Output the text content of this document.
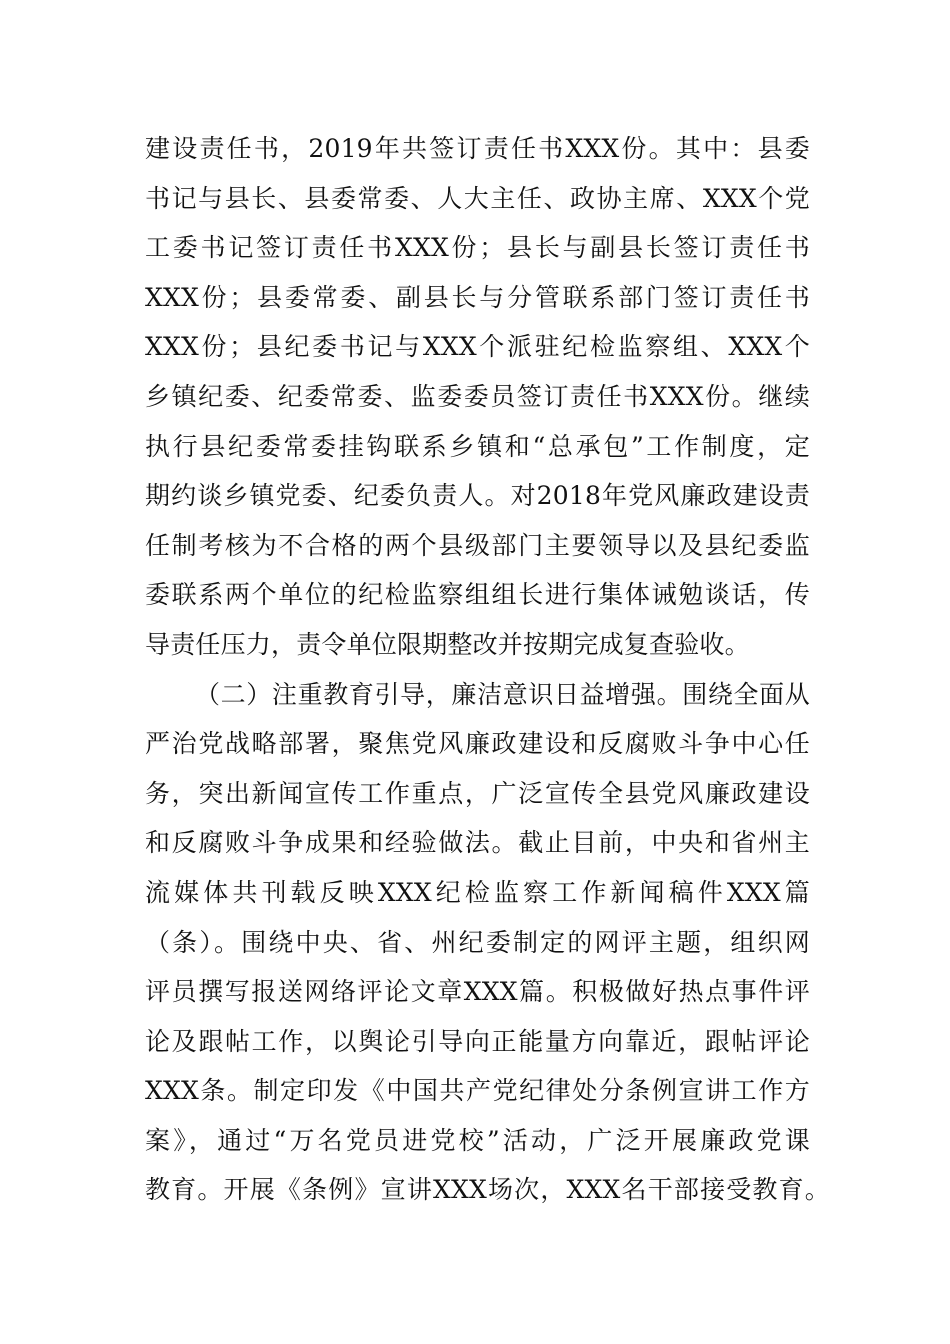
建设责任书，2019年共签订责任书XXX份。其中：县委
书记与县长、县委常委、人大主任、政协主席、XXX个党
工委书记签订责任书XXX份；县长与副县长签订责任书
XXX份；县委常委、副县长与分管联系部门签订责任书
XXX份；县纪委书记与XXX个派驻纪检监察组、XXX个
乡镇纪委、纪委常委、监委委员签订责任书XXX份。继续
执行县纪委常委挂钩联系乡镇和“总承包”工作制度，定
期约谈乡镇党委、纪委负责人。对2018年党风廉政建设责
任制考核为不合格的两个县级部门主要领导以及县纪委监
委联系两个单位的纪检监察组组长进行集体诫勉谈话，传
导责任压力，责令单位限期整改并按期完成复查验收。
（二）注重教育引导，廉洁意识日益增强。围绕全面从
严治党战略部署，聚焦党风廉政建设和反腐败斗争中心任
务，突出新闻宣传工作重点，广泛宣传全县党风廉政建设
和反腐败斗争成果和经验做法。截止目前，中央和省州主
流媒体共刊载反映XXX纪检监察工作新闻稿件XXX篇
（条）。围绕中央、省、州纪委制定的网评主题，组织网
评员撰写报送网络评论文章XXX篇。积极做好热点事件评
论及跟帖工作，以舆论引导向正能量方向靠近，跟帖评论
XXX条。制定印发《中国共产党纪律处分条例宣讲工作方
案》，通过“万名党员进党校”活动，广泛开展廉政党课
教育。开展《条例》宣讲XXX场次，XXX名干部接受教育。
